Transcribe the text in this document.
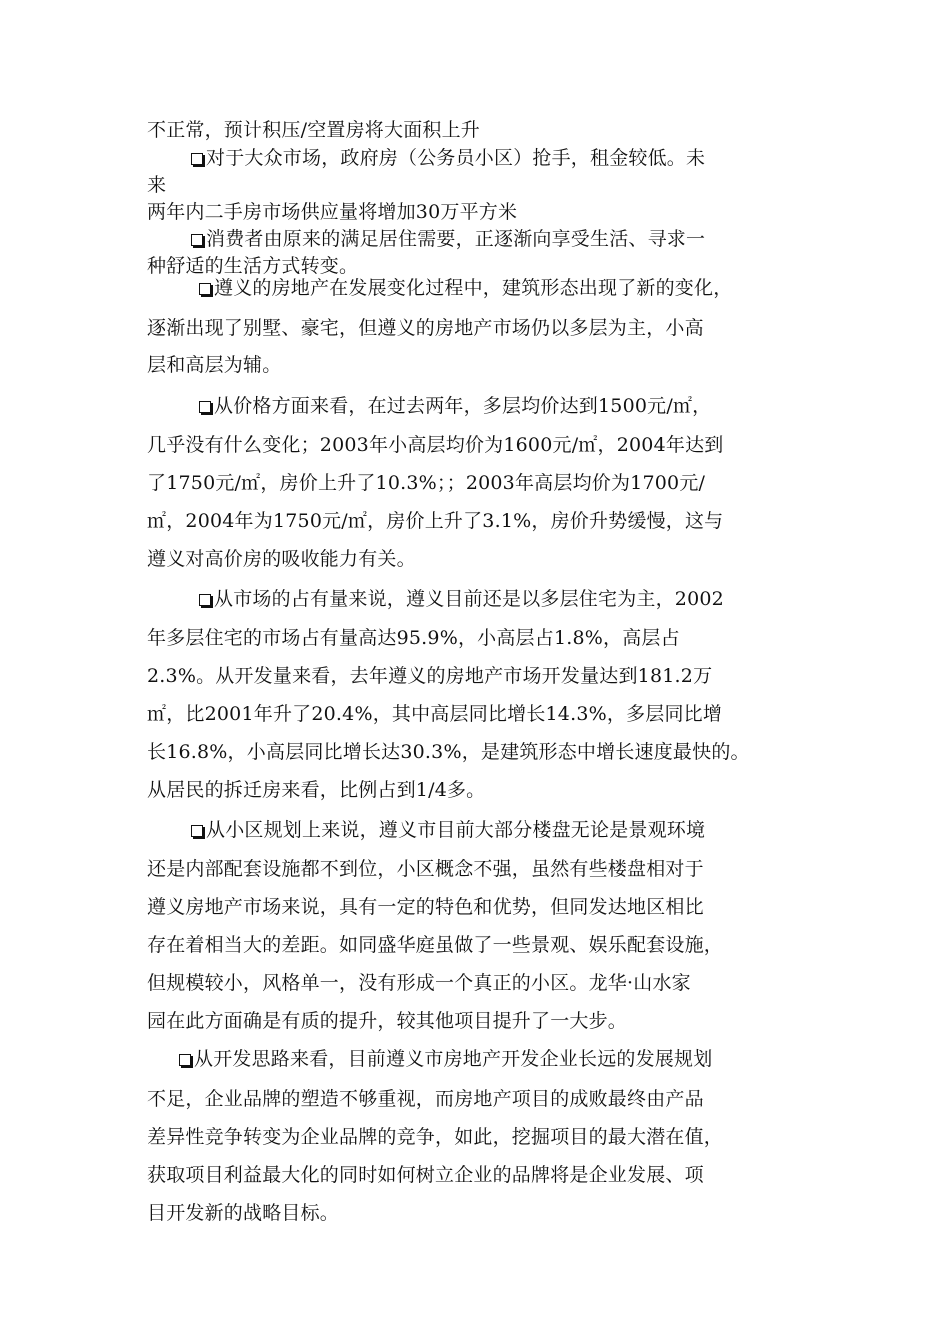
不正常，预计积压/空置房将大面积上升
对于大众市场，政府房（公务员小区）抢手，租金较低。未
来
两年内二手房市场供应量将增加30万平方米
消费者由原来的满足居住需要，正逐渐向享受生活、寻求一
种舒适的生活方式转变。
遵义的房地产在发展变化过程中，建筑形态出现了新的变化，
逐渐出现了别墅、豪宅，但遵义的房地产市场仍以多层为主，小高
层和高层为辅。
从价格方面来看，在过去两年，多层均价达到1500元/㎡，
几乎没有什么变化；2003年小高层均价为1600元/㎡，2004年达到
了1750元/㎡，房价上升了10.3%；；2003年高层均价为1700元/
㎡，2004年为1750元/㎡，房价上升了3.1%，房价升势缓慢，这与
遵义对高价房的吸收能力有关。
从市场的占有量来说，遵义目前还是以多层住宅为主，2002
年多层住宅的市场占有量高达95.9%，小高层占1.8%，高层占
2.3%。从开发量来看，去年遵义的房地产市场开发量达到181.2万
㎡，比2001年升了20.4%，其中高层同比增长14.3%，多层同比增
长16.8%，小高层同比增长达30.3%，是建筑形态中增长速度最快的。
从居民的拆迁房来看，比例占到1/4多。
从小区规划上来说，遵义市目前大部分楼盘无论是景观环境
还是内部配套设施都不到位，小区概念不强，虽然有些楼盘相对于
遵义房地产市场来说，具有一定的特色和优势，但同发达地区相比
存在着相当大的差距。如同盛华庭虽做了一些景观、娱乐配套设施，
但规模较小，风格单一，没有形成一个真正的小区。龙华·山水家
园在此方面确是有质的提升，较其他项目提升了一大步。
从开发思路来看，目前遵义市房地产开发企业长远的发展规划
不足，企业品牌的塑造不够重视，而房地产项目的成败最终由产品
差异性竞争转变为企业品牌的竞争，如此，挖掘项目的最大潜在值，
获取项目利益最大化的同时如何树立企业的品牌将是企业发展、项
目开发新的战略目标。
